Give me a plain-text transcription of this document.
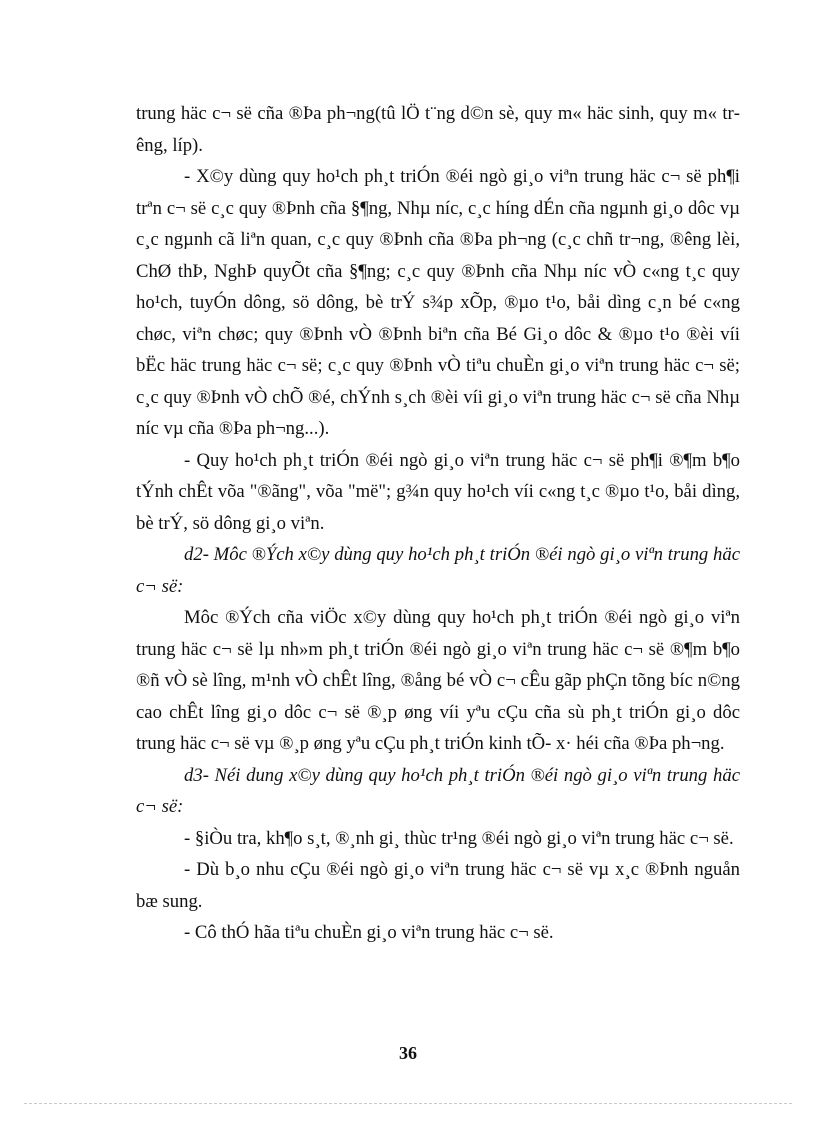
trung häc c¬ së cña ®Þa ph¬ng(tû lÖ t¨ng d©n sè, quy m« häc sinh, quy m« trêng, líp).

- X©y dùng quy ho¹ch ph¸t triÓn ®éi ngò gi¸o viªn trung häc c¬ së ph¶i trªn c¬ së c¸c quy ®Þnh cña §¶ng, Nhµ níc, c¸c híng dÉn cña ngµnh gi¸o dôc vµ c¸c ngµnh cã liªn quan, c¸c quy ®Þnh cña ®Þa ph¬ng (c¸c chñ tr¬ng, ®êng lèi, ChØ thÞ, NghÞ quyÕt cña §¶ng; c¸c quy ®Þnh cña Nhµ níc vÒ c«ng t¸c quy ho¹ch, tuyÓn dông, sö dông, bè trÝ s¾p xÕp, ®µo t¹o, båi dìng c¸n bé c«ng chøc, viªn chøc; quy ®Þnh vÒ ®Þnh biªn cña Bé Gi¸o dôc & ®µo t¹o ®èi víi bËc häc trung häc c¬ së; c¸c quy ®Þnh vÒ tiªu chuÈn gi¸o viªn trung häc c¬ së; c¸c quy ®Þnh vÒ chÕ ®é, chÝnh s¸ch ®èi víi gi¸o viªn trung häc c¬ së cña Nhµ níc vµ cña ®Þa ph¬ng...).

- Quy ho¹ch ph¸t triÓn ®éi ngò gi¸o viªn trung häc c¬ së ph¶i ®¶m b¶o tÝnh chÊt võa "®ãng", võa "më"; g¾n quy ho¹ch víi c«ng t¸c ®µo t¹o, båi dìng, bè trÝ, sö dông gi¸o viªn.

d2- Môc ®Ých x©y dùng quy ho¹ch ph¸t triÓn ®éi ngò gi¸o viªn trung häc c¬ së:

Môc ®Ých cña viÖc x©y dùng quy ho¹ch ph¸t triÓn ®éi ngò gi¸o viªn trung häc c¬ së lµ nh»m ph¸t triÓn ®éi ngò gi¸o viªn trung häc c¬ së ®¶m b¶o ®ñ vÒ sè lîng, m¹nh vÒ chÊt lîng, ®ång bé vÒ c¬ cÊu gãp phÇn tõng bíc n©ng cao chÊt lîng gi¸o dôc c¬ së ®¸p øng víi yªu cÇu cña sù ph¸t triÓn gi¸o dôc trung häc c¬ së vµ ®¸p øng yªu cÇu ph¸t triÓn kinh tÕ- x· héi cña ®Þa ph¬ng.

d3- Néi dung x©y dùng quy ho¹ch ph¸t triÓn ®éi ngò gi¸o viªn trung häc c¬ së:

- §iÒu tra, kh¶o s¸t, ®¸nh gi¸ thùc tr¹ng ®éi ngò gi¸o viªn trung häc c¬ së.

- Dù b¸o nhu cÇu ®éi ngò gi¸o viªn trung häc c¬ së vµ x¸c ®Þnh nguån bæ sung.

- Cô thÓ hãa tiªu chuÈn gi¸o viªn trung häc c¬ së.

36
